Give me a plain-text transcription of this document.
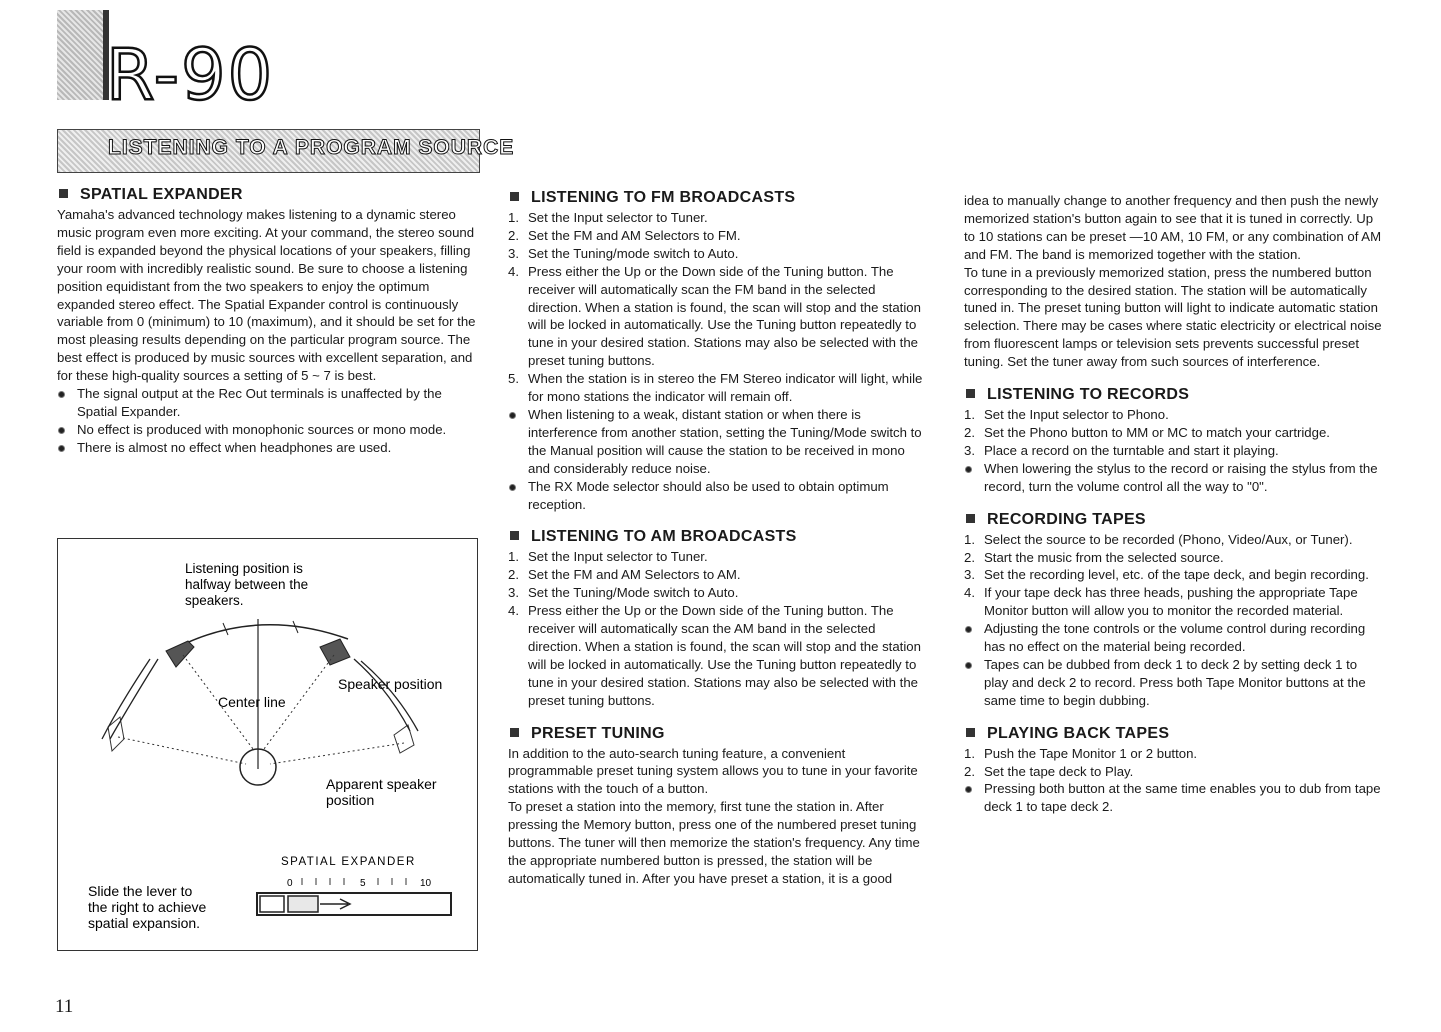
R-90
LISTENING TO A PROGRAM SOURCE
SPATIAL EXPANDER

Yamaha's advanced technology makes listening to a dynamic stereo music program even more exciting. At your command, the stereo sound field is expanded beyond the physical locations of your speakers, filling your room with incredibly realistic sound. Be sure to choose a listening position equidistant from the two speakers to enjoy the optimum expanded stereo effect. The Spatial Expander control is continuously variable from 0 (minimum) to 10 (maximum), and it should be set for the most pleasing results depending on the particular program source. The best effect is produced by music sources with excellent separation, and for these high-quality sources a setting of 5 ~ 7 is best.

The signal output at the Rec Out terminals is unaffected by the Spatial Expander.
No effect is produced with monophonic sources or mono mode.
There is almost no effect when headphones are used.
Listening position is
halfway between the
speakers.
Center line
Speaker position
Apparent speaker
position
SPATIAL EXPANDER
0	5	10
Slide the lever to
the right to achieve
spatial expansion.
LISTENING TO FM BROADCASTS
1. Set the Input selector to Tuner.
2. Set the FM and AM Selectors to FM.
3. Set the Tuning/mode switch to Auto.
4. Press either the Up or the Down side of the Tuning button. The receiver will automatically scan the FM band in the selected direction. When a station is found, the scan will stop and the station will be locked in automatically. Use the Tuning button repeatedly to tune in your desired station. Stations may also be selected with the preset tuning buttons.
5. When the station is in stereo the FM Stereo indicator will light, while for mono stations the indicator will remain off.
When listening to a weak, distant station or when there is interference from another station, setting the Tuning/Mode switch to the Manual position will cause the station to be received in mono and considerably reduce noise.
The RX Mode selector should also be used to obtain optimum reception.
LISTENING TO AM BROADCASTS
1. Set the Input selector to Tuner.
2. Set the FM and AM Selectors to AM.
3. Set the Tuning/Mode switch to Auto.
4. Press either the Up or the Down side of the Tuning button. The receiver will automatically scan the AM band in the selected direction. When a station is found, the scan will stop and the station will be locked in automatically. Use the Tuning button repeatedly to tune in your desired station. Stations may also be selected with the preset tuning buttons.
PRESET TUNING

In addition to the auto-search tuning feature, a convenient programmable preset tuning system allows you to tune in your favorite stations with the touch of a button.

To preset a station into the memory, first tune the station in. After pressing the Memory button, press one of the numbered preset tuning buttons. The tuner will then memorize the station's frequency. Any time the appropriate numbered button is pressed, the station will be automatically tuned in. After you have preset a station, it is a good

idea to manually change to another frequency and then push the newly memorized station's button again to see that it is tuned in correctly. Up to 10 stations can be preset —10 AM, 10 FM, or any combination of AM and FM. The band is memorized together with the station.

To tune in a previously memorized station, press the numbered button corresponding to the desired station. The station will be automatically tuned in. The preset tuning button will light to indicate automatic station selection. There may be cases where static electricity or electrical noise from fluorescent lamps or television sets prevents successful preset tuning. Set the tuner away from such sources of interference.

LISTENING TO RECORDS
1. Set the Input selector to Phono.
2. Set the Phono button to MM or MC to match your cartridge.
3. Place a record on the turntable and start it playing.
When lowering the stylus to the record or raising the stylus from the record, turn the volume control all the way to "0".
RECORDING TAPES
1. Select the source to be recorded (Phono, Video/Aux, or Tuner).
2. Start the music from the selected source.
3. Set the recording level, etc. of the tape deck, and begin recording.
4. If your tape deck has three heads, pushing the appropriate Tape Monitor button will allow you to monitor the recorded material.
Adjusting the tone controls or the volume control during recording has no effect on the material being recorded.
Tapes can be dubbed from deck 1 to deck 2 by setting deck 1 to play and deck 2 to record. Press both Tape Monitor buttons at the same time to begin dubbing.
PLAYING BACK TAPES
1. Push the Tape Monitor 1 or 2 button.
2. Set the tape deck to Play.
Pressing both button at the same time enables you to dub from tape deck 1 to tape deck 2.
11
